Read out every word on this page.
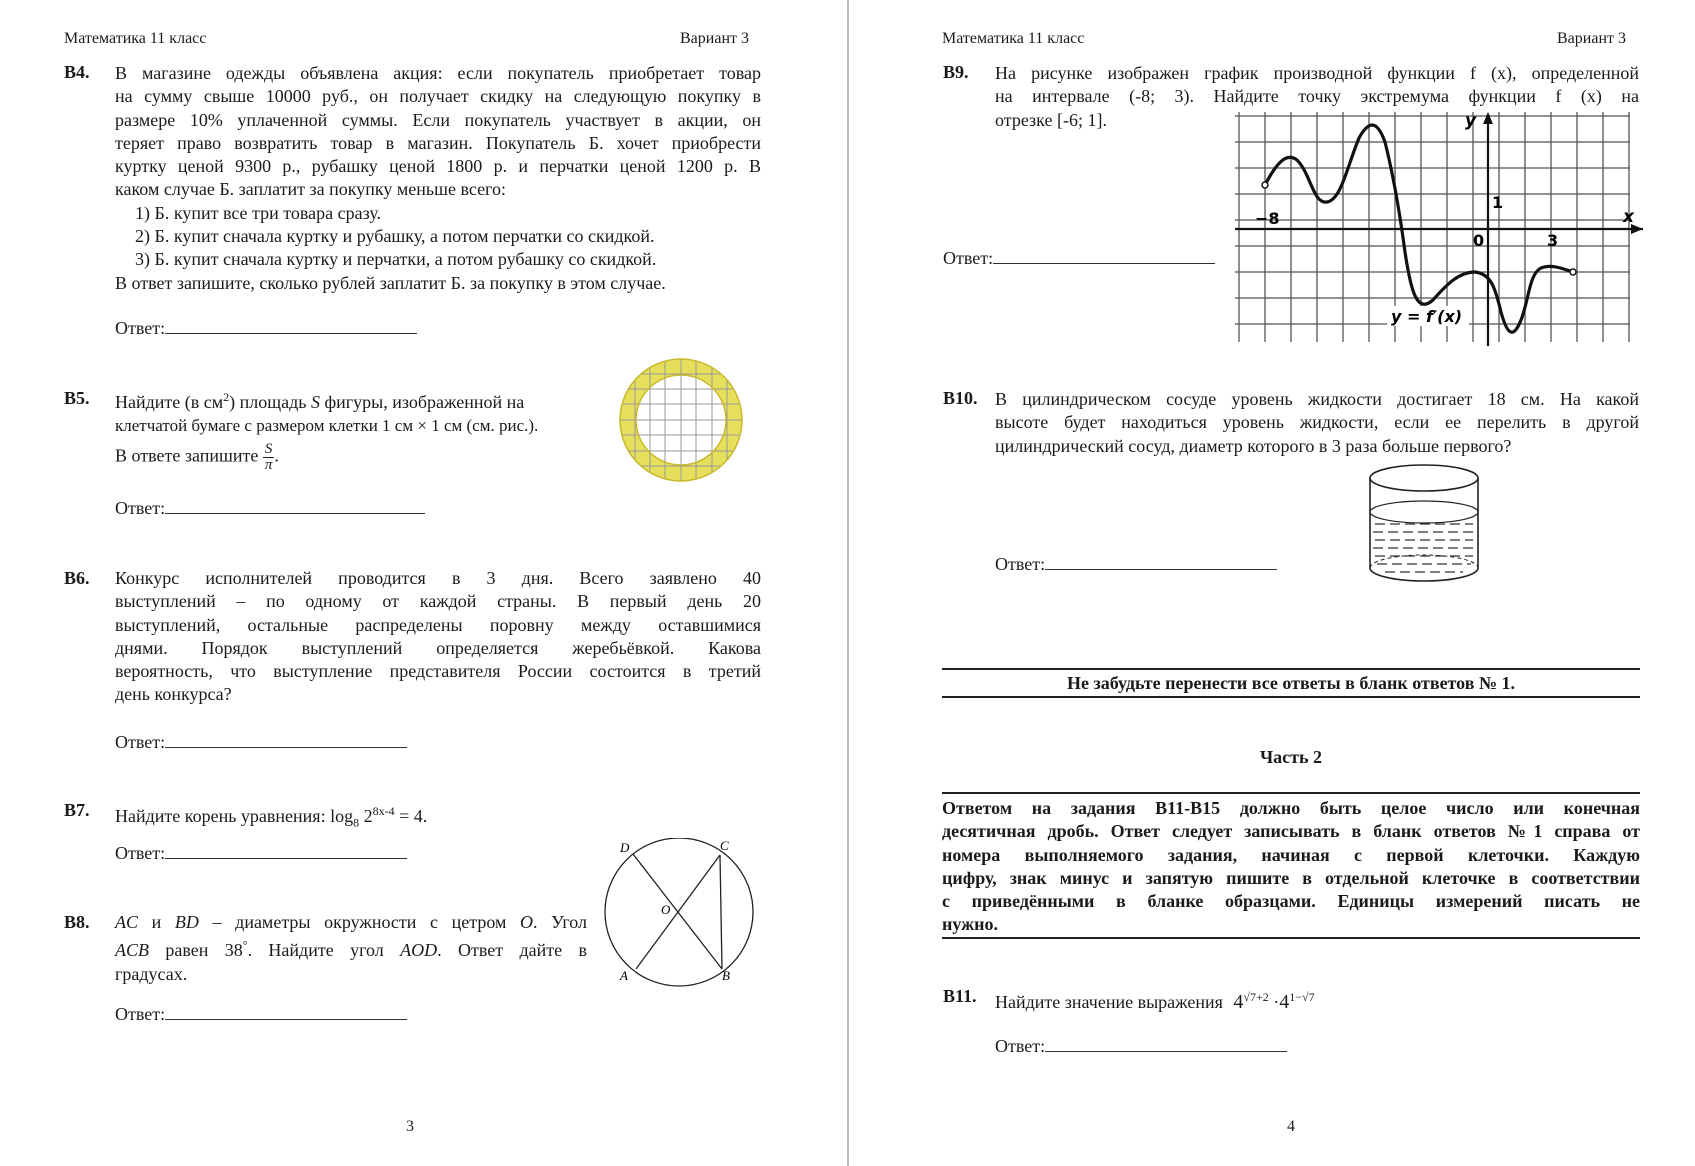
Математика 11 класс	Вариант 3
В4. В магазине одежды объявлена акция: если покупатель приобретает товар
на сумму свыше 10000 руб., он получает скидку на следующую покупку в
размере 10% уплаченной суммы. Если покупатель участвует в акции, он
теряет право возвратить товар в магазин. Покупатель Б. хочет приобрести
куртку ценой 9300 р., рубашку ценой 1800 р. и перчатки ценой 1200 р. В
каком случае Б. заплатит за покупку меньше всего:
1) Б. купит все три товара сразу.
2) Б. купит сначала куртку и рубашку, а потом перчатки со скидкой.
3) Б. купит сначала куртку и перчатки, а потом рубашку со скидкой.
В ответ запишите, сколько рублей заплатит Б. за покупку в этом случае.
Ответ:
В5. Найдите (в $см^2$) площадь S фигуры, изображенной на
клетчатой бумаге с размером клетки 1 см × 1 см (см. рис.).
В ответе запишите $\frac{S}{\pi}$ .
Ответ:
В6. Конкурс исполнителей проводится в 3 дня. Всего заявлено 40
выступлений – по одному от каждой страны. В первый день 20
выступлений, остальные распределены поровну между оставшимися
днями. Порядок выступлений определяется жеребьёвкой. Какова
вероятность, что выступление представителя России состоится в третий
день конкурса?
Ответ:
В7. Найдите корень уравнения: $\log_8 2^{8x-4} = 4$.
Ответ:
В8. AC и BD – диаметры окружности с цетром O. Угол
ACB равен 38°. Найдите угол AOD. Ответ дайте в
градусах.
D	C
O
A	B
Ответ:
3
Математика 11 класс	Вариант 3
В9. На рисунке изображен график производной функции f (x), определенной
на интервале (-8; 3). Найдите точку экстремума функции f (x) на
отрезке [-6; 1].
Ответ:
y
x
1
−8
0	3
y = f′(x)
В10. В цилиндрическом сосуде уровень жидкости достигает 18 см. На какой
высоте будет находиться уровень жидкости, если ее перелить в другой
цилиндрический сосуд, диаметр которого в 3 раза больше первого?
Ответ:
Не забудьте перенести все ответы в бланк ответов № 1.
Часть 2
Ответом на задания В11-В15 должно быть целое число или конечная
десятичная дробь. Ответ следует записывать в бланк ответов №1 справа от
номера выполняемого задания, начиная с первой клеточки. Каждую
цифру, знак минус и запятую пишите в отдельной клеточке в соответствии
с приведёнными в бланке образцами. Единицы измерений писать не
нужно.
В11. Найдите значение выражения $4^{√7+2} \cdot 4^{1-√7}$
Ответ:
4
